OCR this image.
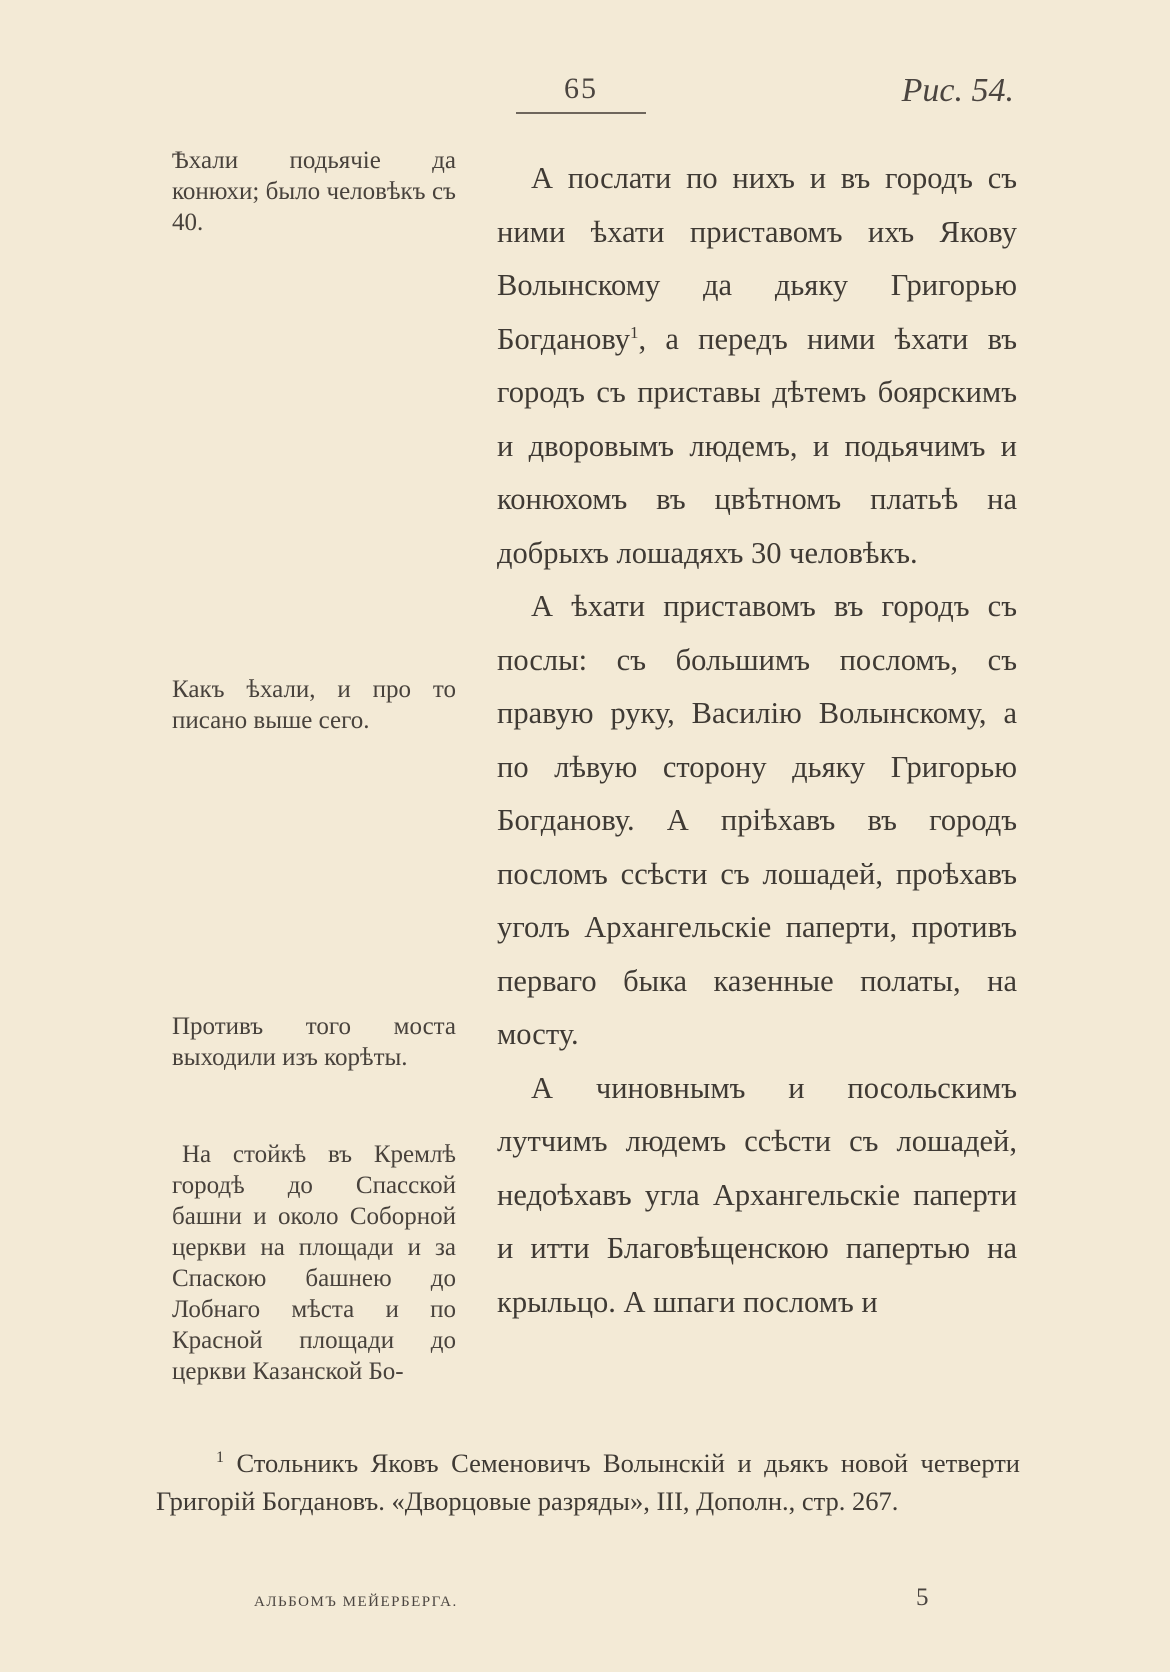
65	Рис. 54.
Ѣхали подьячіе да конюхи; было человѣкъ съ 40.
Какъ ѣхали, и про то писано выше сего.
Противъ того моста выходили изъ корѣты.
На стойкѣ въ Кремлѣ городѣ до Спасской башни и около Соборной церкви на площади и за Спаскою башнею до Лобнаго мѣста и по Красной площади до церкви Казанской Бо-

А послати по нихъ и въ городъ съ ними ѣхати приставомъ ихъ Якову Волынскому да дьяку Григорью Богданову$^1$, а передъ ними ѣхати въ городъ съ приставы дѣтемъ боярскимъ и дворовымъ людемъ, и подьячимъ и конюхомъ въ цвѣтномъ платьѣ на добрыхъ лошадяхъ 30 человѣкъ.

А ѣхати приставомъ въ городъ съ послы: съ большимъ посломъ, съ правую руку, Василію Волынскому, а по лѣвую сторону дьяку Григорью Богданову. А пріѣхавъ въ городъ посломъ ссѣсти съ лошадей, проѣхавъ уголъ Архангельскіе паперти, противъ перваго быка казенные полаты, на мосту.

А чиновнымъ и посольскимъ лутчимъ людемъ ссѣсти съ лошадей, недоѣхавъ угла Архангельскіе паперти и итти Благовѣщенскою папертью на крыльцо. А шпаги посломъ и

$^1$ Стольникъ Яковъ Семеновичъ Волынскій и дьякъ новой четверти Григорій Богдановъ. «Дворцовые разряды», III, Дополн., стр. 267.

АЛЬБОМЪ МЕЙЕРБЕРГА.	5
